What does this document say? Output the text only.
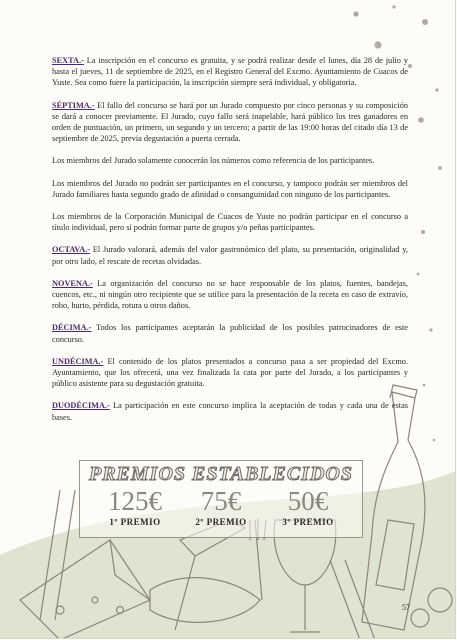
SEXTA.- La inscripción en el concurso es gratuita, y se podrá realizar desde el lunes, día 28 de julio y hasta el jueves, 11 de septiembre de 2025, en el Registro General del Excmo. Ayuntamiento de Cuacos de Yuste. Sea como fuere la participación, la inscripción siempre será individual, y obligatoria.

SÉPTIMA.- El fallo del concurso se hará por un Jurado compuesto por cinco personas y su composición se dará a conocer previamente. El Jurado, cuyo fallo será inapelable, hará público los tres ganadores en orden de puntuación, un primero, un segundo y un tercero; a partir de las 19:00 horas del citado día 13 de septiembre de 2025, previa degustación a puerta cerrada.

Los miembros del Jurado solamente conocerán los números como referencia de los participantes.

Los miembros del Jurado no podrán ser participantes en el concurso, y tampoco podrán ser miembros del Jurado familiares hasta segundo grado de afinidad o consanguinidad con ninguno de los participantes.

Los miembros de la Corporación Municipal de Cuacos de Yuste no podrán participar en el concurso a título individual, pero sí podrán formar parte de grupos y/o peñas participantes.

OCTAVA.- El Jurado valorará, además del valor gastronómico del plato, su presentación, originalidad y, por otro lado, el rescate de recetas olvidadas.

NOVENA.- La organización del concurso no se hace responsable de los platos, fuentes, bandejas, cuencos, etc., ni ningún otro recipiente que se utilice para la presentación de la receta en caso de extravío, robo, hurto, pérdida, rotura u otros daños.

DÉCIMA.- Todos los participantes aceptarán la publicidad de los posibles patrocinadores de este concurso.

UNDÉCIMA.- El contenido de los platos presentados a concurso pasa a ser propiedad del Excmo. Ayuntamiento, que los ofrecerá, una vez finalizada la cata por parte del Jurado, a los participantes y público asistente para su degustación gratuita.

DUODÉCIMA.- La participación en este concurso implica la aceptación de todas y cada una de estas bases.

PREMIOS ESTABLECIDOS
125€
1º PREMIO
75€
2º PREMIO
50€
3º PREMIO
57
